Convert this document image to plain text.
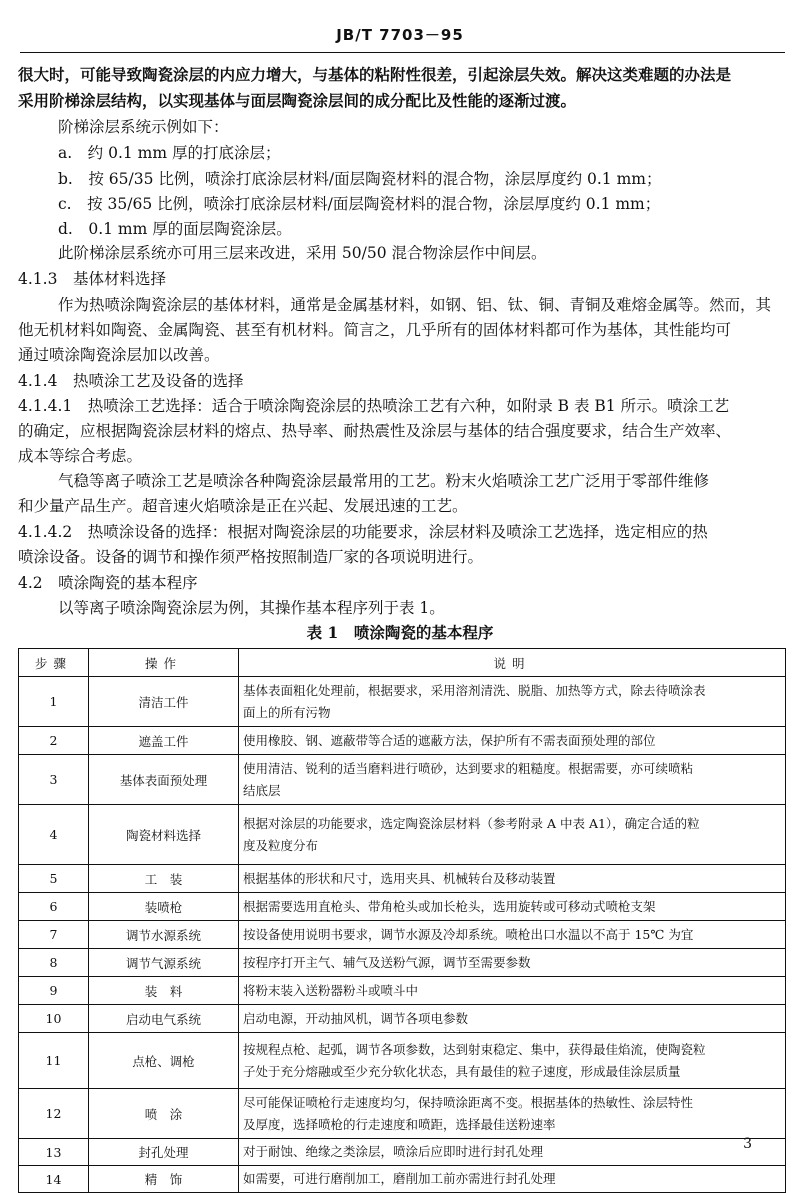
JB/T 7703－95
很大时，可能导致陶瓷涂层的内应力增大，与基体的粘附性很差，引起涂层失效。解决这类难题的办法是
采用阶梯涂层结构，以实现基体与面层陶瓷涂层间的成分配比及性能的逐渐过渡。
阶梯涂层系统示例如下：
a.　约 0.1 mm 厚的打底涂层；
b.　按 65/35 比例，喷涂打底涂层材料/面层陶瓷材料的混合物，涂层厚度约 0.1 mm；
c.　按 35/65 比例，喷涂打底涂层材料/面层陶瓷材料的混合物，涂层厚度约 0.1 mm；
d.　0.1 mm 厚的面层陶瓷涂层。
此阶梯涂层系统亦可用三层来改进，采用 50/50 混合物涂层作中间层。
4.1.3　基体材料选择
作为热喷涂陶瓷涂层的基体材料，通常是金属基材料，如钢、铝、钛、铜、青铜及难熔金属等。然而，其
他无机材料如陶瓷、金属陶瓷、甚至有机材料。简言之，几乎所有的固体材料都可作为基体，其性能均可
通过喷涂陶瓷涂层加以改善。
4.1.4　热喷涂工艺及设备的选择
4.1.4.1　热喷涂工艺选择：适合于喷涂陶瓷涂层的热喷涂工艺有六种，如附录 B 表 B1 所示。喷涂工艺
的确定，应根据陶瓷涂层材料的熔点、热导率、耐热震性及涂层与基体的结合强度要求，结合生产效率、
成本等综合考虑。
气稳等离子喷涂工艺是喷涂各种陶瓷涂层最常用的工艺。粉末火焰喷涂工艺广泛用于零部件维修
和少量产品生产。超音速火焰喷涂是正在兴起、发展迅速的工艺。
4.1.4.2　热喷涂设备的选择：根据对陶瓷涂层的功能要求，涂层材料及喷涂工艺选择，选定相应的热
喷涂设备。设备的调节和操作须严格按照制造厂家的各项说明进行。
4.2　喷涂陶瓷的基本程序
以等离子喷涂陶瓷涂层为例，其操作基本程序列于表 1。
表 1　喷涂陶瓷的基本程序
步骤	操作	说明
1	清洁工件	基体表面粗化处理前，根据要求，采用溶剂清洗、脱脂、加热等方式，除去待喷涂表
面上的所有污物

2	遮盖工件	使用橡胶、钢、遮蔽带等合适的遮蔽方法，保护所有不需表面预处理的部位

3	基体表面预处理	使用清洁、锐利的适当磨料进行喷砂，达到要求的粗糙度。根据需要，亦可续喷粘
结底层

4	陶瓷材料选择	根据对涂层的功能要求，选定陶瓷涂层材料（参考附录 A 中表 A1），确定合适的粒
度及粒度分布

5	工　装	根据基体的形状和尺寸，选用夹具、机械转台及移动装置

6	装喷枪	根据需要选用直枪头、带角枪头或加长枪头，选用旋转或可移动式喷枪支架

7	调节水源系统	按设备使用说明书要求，调节水源及冷却系统。喷枪出口水温以不高于 15℃ 为宜

8	调节气源系统	按程序打开主气、辅气及送粉气源，调节至需要参数

9	装　料	将粉末装入送粉器粉斗或喷斗中

10	启动电气系统	启动电源，开动抽风机，调节各项电参数

11	点枪、调枪	按规程点枪、起弧，调节各项参数，达到射束稳定、集中，获得最佳焰流，使陶瓷粒
子处于充分熔融或至少充分软化状态，具有最佳的粒子速度，形成最佳涂层质量

12	喷　涂	尽可能保证喷枪行走速度均匀，保持喷涂距离不变。根据基体的热敏性、涂层特性
及厚度，选择喷枪的行走速度和喷距，选择最佳送粉速率

13	封孔处理	对于耐蚀、绝缘之类涂层，喷涂后应即时进行封孔处理

14	精　饰	如需要，可进行磨削加工，磨削加工前亦需进行封孔处理
3
